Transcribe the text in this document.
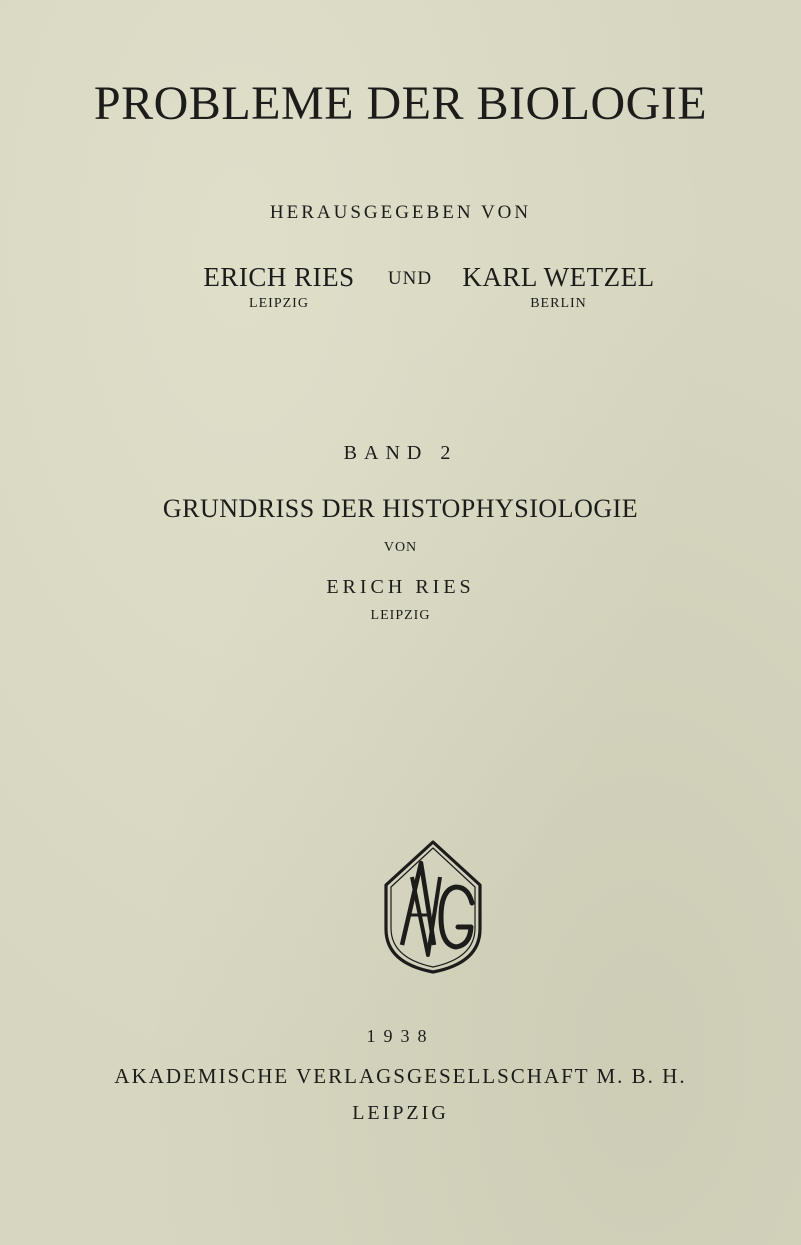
PROBLEME DER BIOLOGIE
HERAUSGEGEBEN VON
ERICH RIES
LEIPZIG
UND	KARL WETZEL
BERLIN
BAND 2
GRUNDRISS DER HISTOPHYSIOLOGIE
VON
ERICH RIES
LEIPZIG
1938
AKADEMISCHE VERLAGSGESELLSCHAFT M. B. H.
LEIPZIG
